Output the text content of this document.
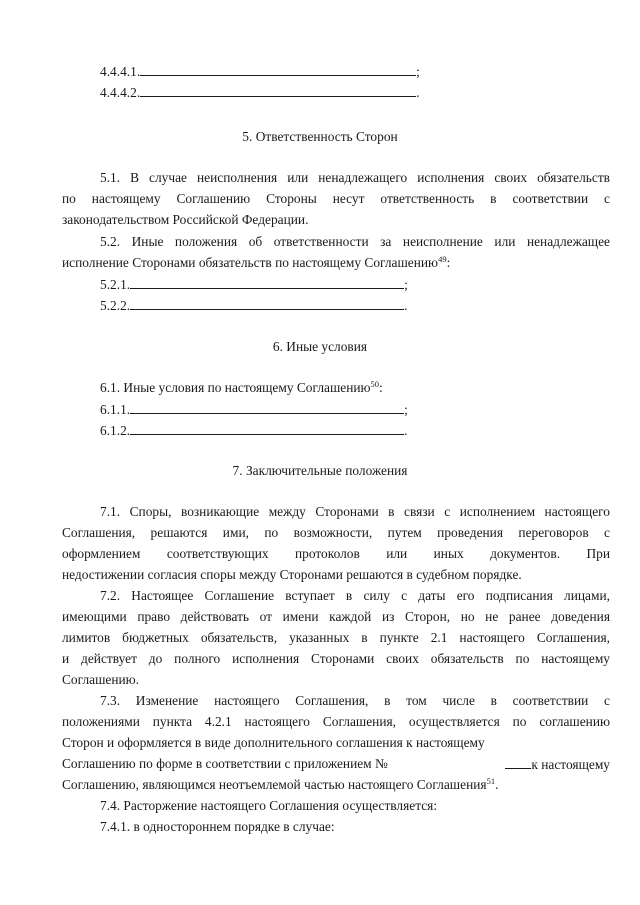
4.4.4.1.	;
4.4.4.2.	.
5. Ответственность Сторон
5.1. В случае неисполнения или ненадлежащего исполнения своих обязательств
по настоящему Соглашению Стороны несут ответственность в соответствии с
законодательством Российской Федерации.
5.2. Иные положения об ответственности за неисполнение или ненадлежащее
исполнение Сторонами обязательств по настоящему Соглашению$^{49}$:
5.2.1.	;
5.2.2.	.
6. Иные условия
6.1. Иные условия по настоящему Соглашению$^{50}$:
6.1.1.	;
6.1.2.	.
7. Заключительные положения
7.1. Споры, возникающие между Сторонами в связи с исполнением настоящего
Соглашения, решаются ими, по возможности, путем проведения переговоров с
оформлением соответствующих протоколов или иных документов. При
недостижении согласия споры между Сторонами решаются в судебном порядке.
7.2. Настоящее Соглашение вступает в силу с даты его подписания лицами,
имеющими право действовать от имени каждой из Сторон, но не ранее доведения
лимитов бюджетных обязательств, указанных в пункте 2.1 настоящего Соглашения,
и действует до полного исполнения Сторонами своих обязательств по настоящему
Соглашению.
7.3. Изменение настоящего Соглашения, в том числе в соответствии с
положениями пункта 4.2.1 настоящего Соглашения, осуществляется по соглашению
Сторон и оформляется в виде дополнительного соглашения к настоящему
Соглашению по форме в соответствии с приложением №	к настоящему
Соглашению, являющимся неотъемлемой частью настоящего Соглашения$^{51}$.
7.4. Расторжение настоящего Соглашения осуществляется:
7.4.1. в одностороннем порядке в случае:
